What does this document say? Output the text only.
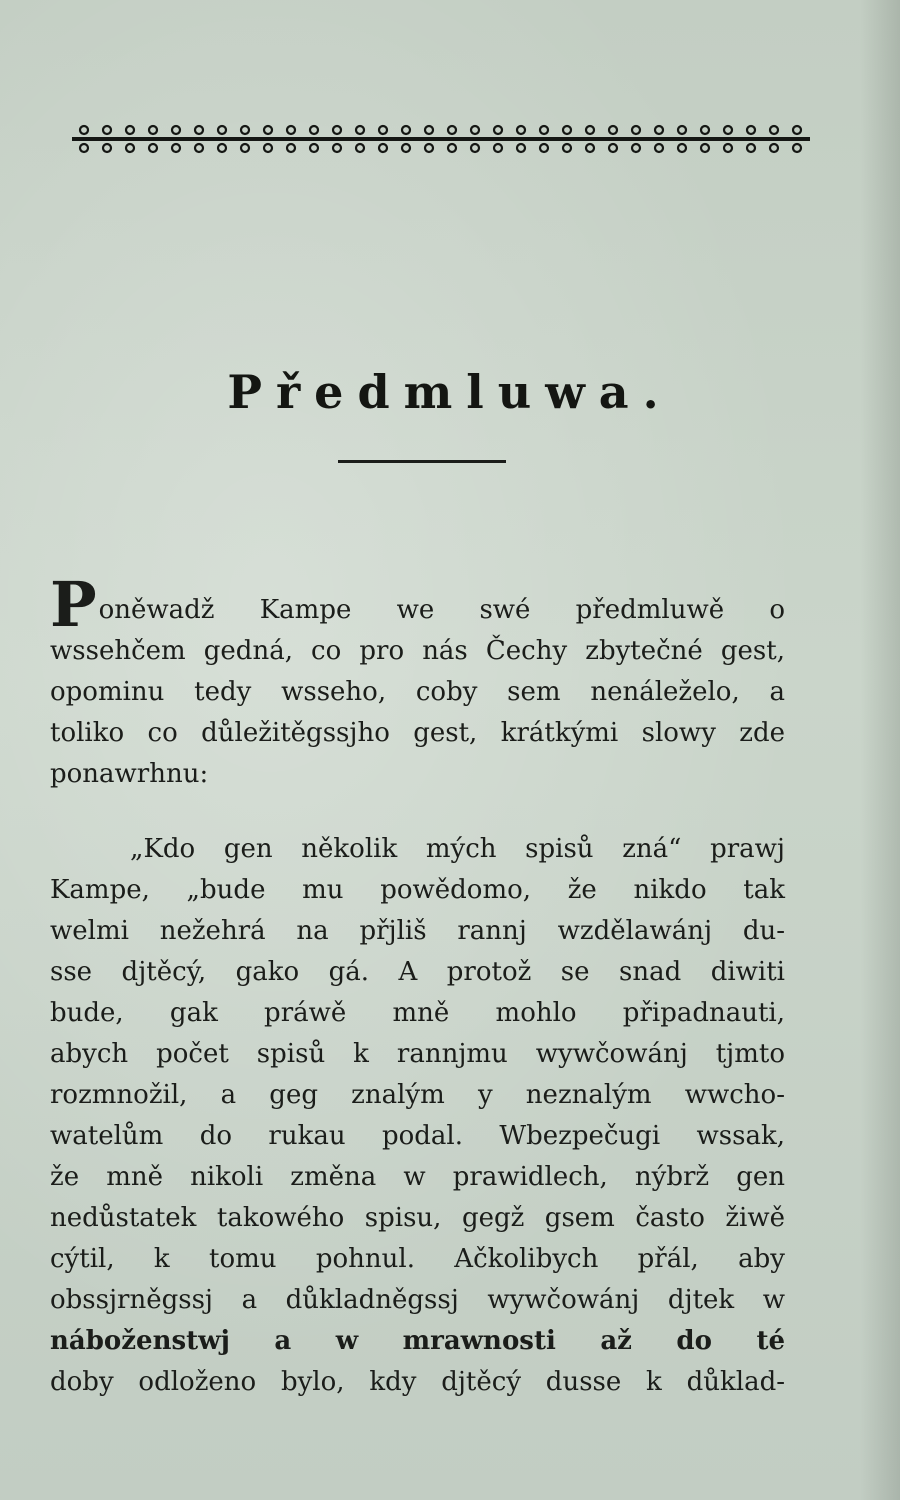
Předmluwa.
Poněwadž Kampe we swé předmluwě o
wssehčem gedná, co pro nás Čechy zbytečné gest,
opominu tedy wsseho, coby sem nenáleželo, a
toliko co důležitěgssjho gest, krátkými slowy zde
ponawrhnu:
„Kdo gen několik mých spisů zná“ prawj
Kampe, „bude mu powědomo, že nikdo tak
welmi nežehrá na přjliš rannj wzdělawánj du-
sse djtěcý, gako gá. A protož se snad diwiti
bude, gak práwě mně mohlo připadnauti,
abych počet spisů k rannjmu wywčowánj tjmto
rozmnožil, a geg znalým y neznalým wwcho-
watelům do rukau podal. Wbezpečugi wssak,
že mně nikoli změna w prawidlech, nýbrž gen
nedůstatek takowého spisu, gegž gsem často žiwě
cýtil, k tomu pohnul. Ačkolibych přál, aby
obssjrněgssj a důkladněgssj wywčowánj djtek w
náboženstwj a w mrawnosti až do té
doby odloženo bylo, kdy djtěcý dusse k důklad-
